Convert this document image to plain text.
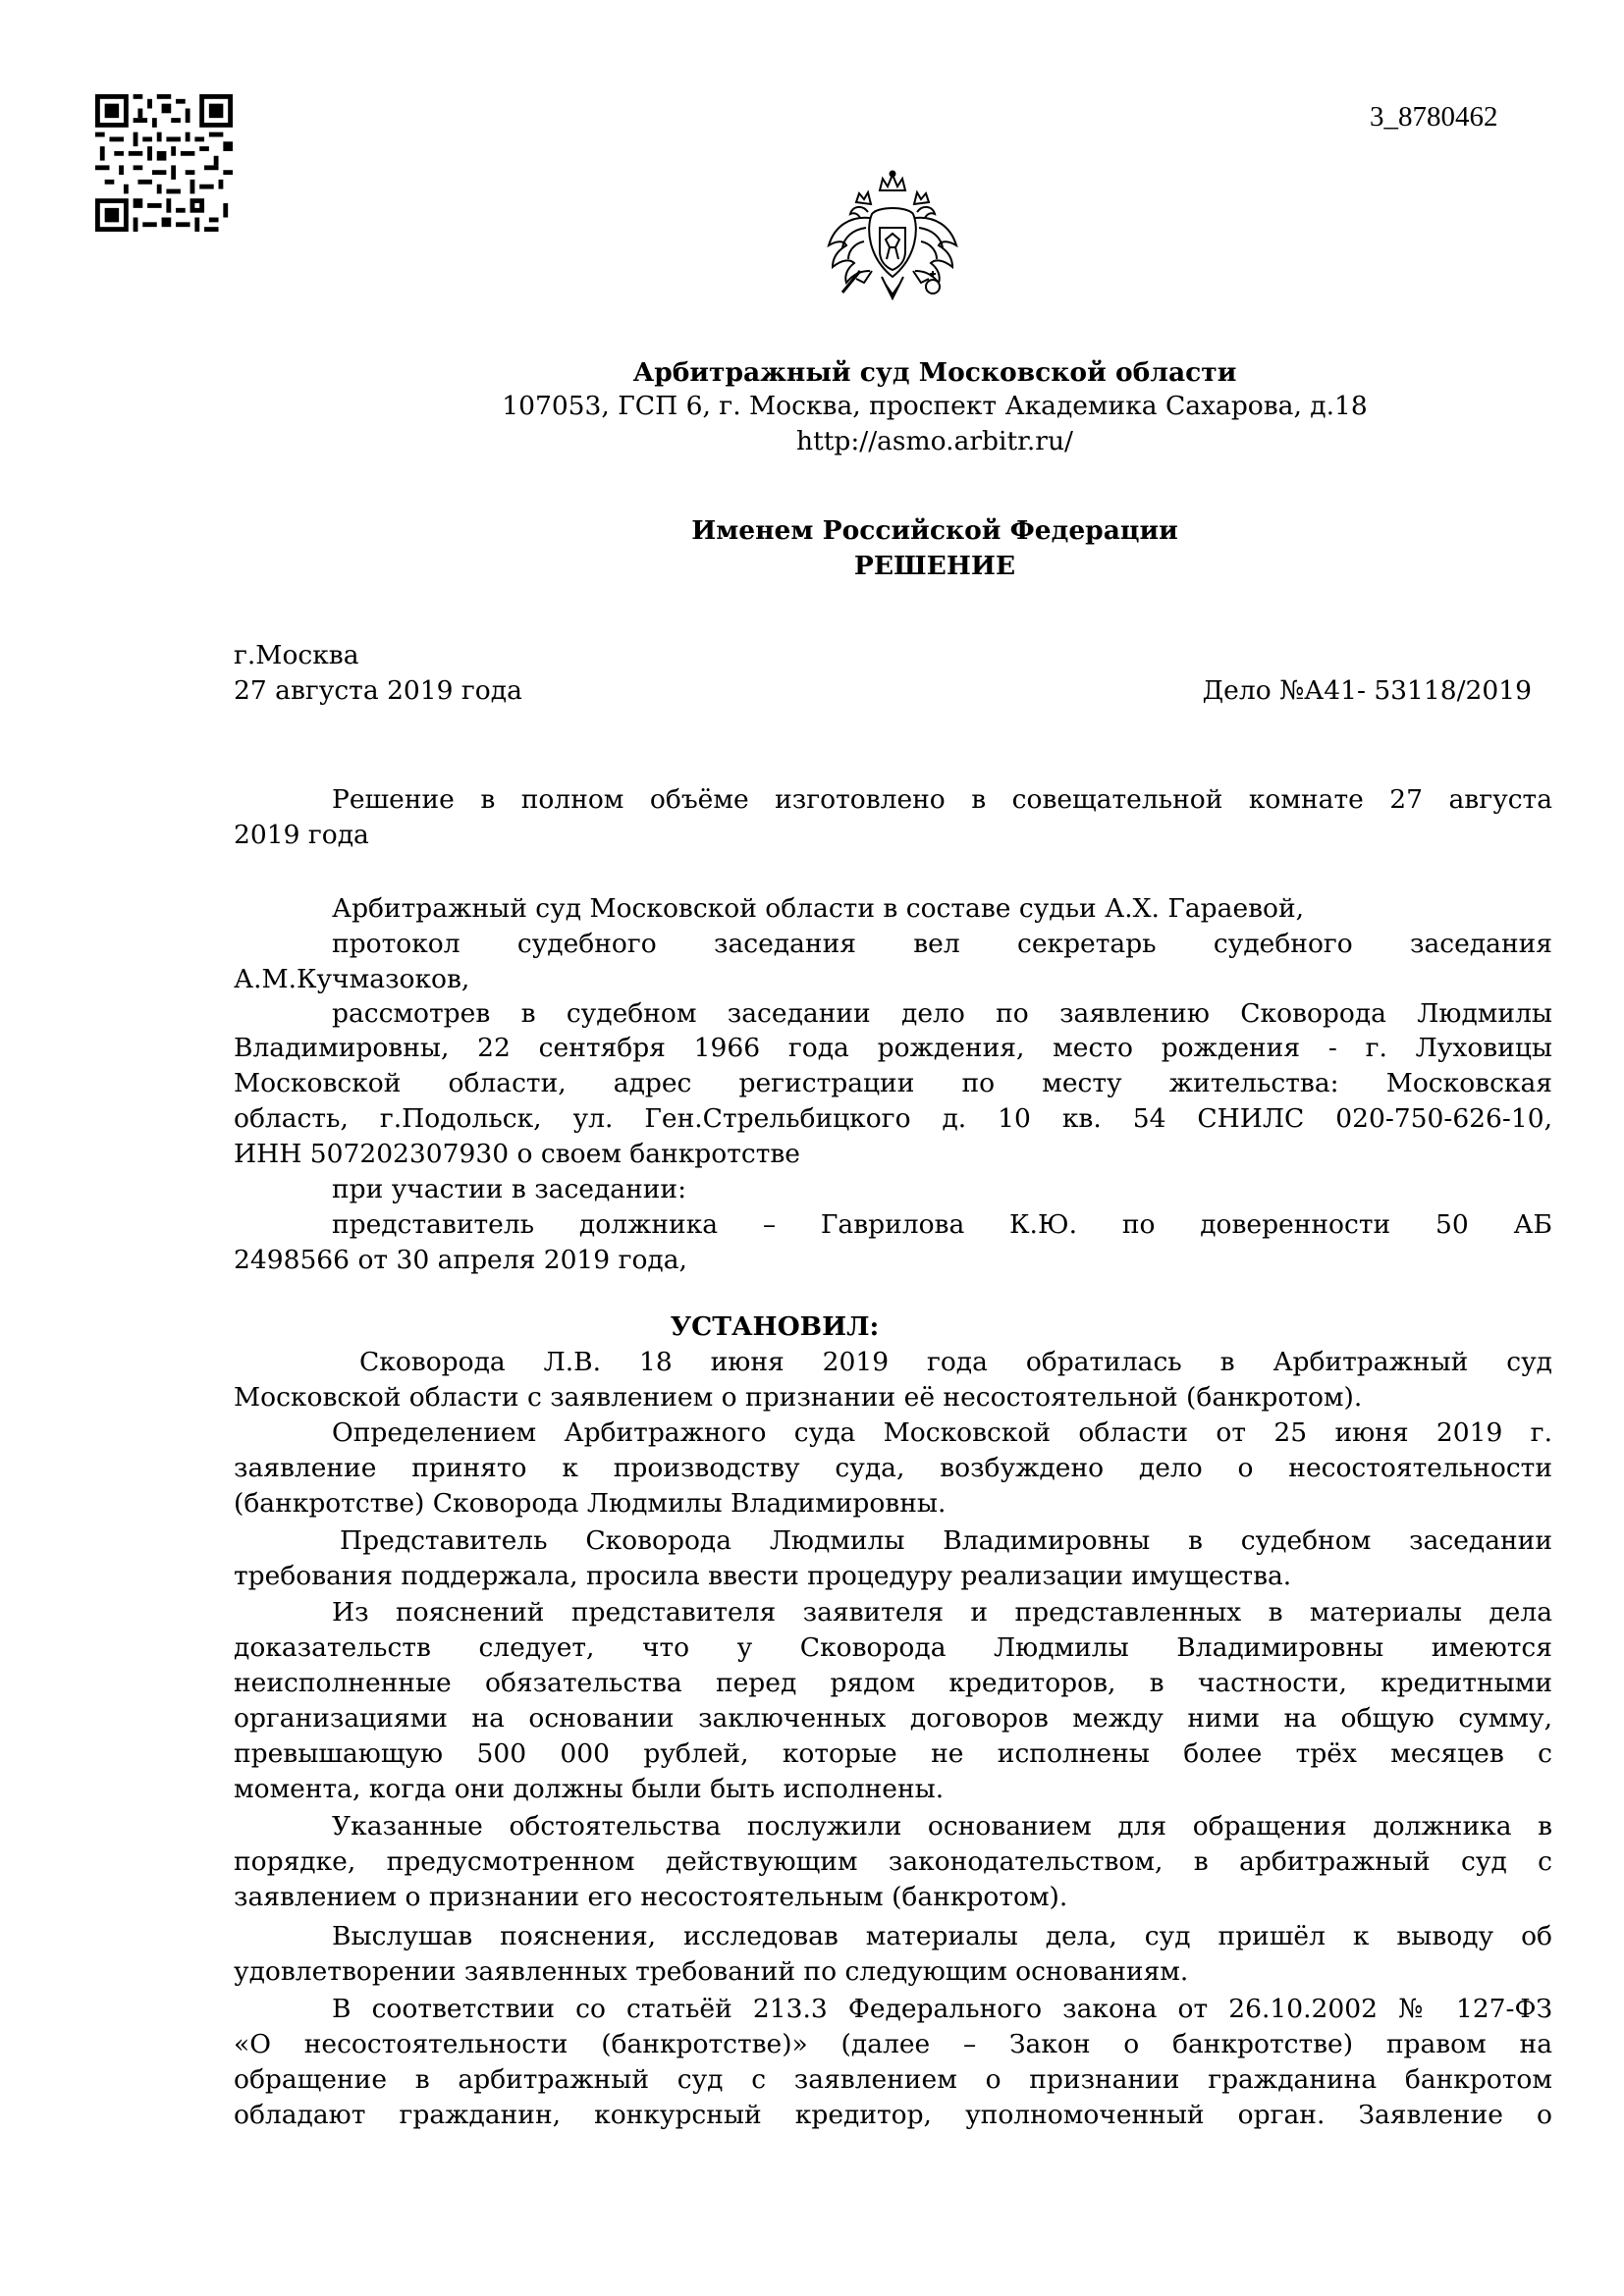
3_8780462
Арбитражный суд Московской области
107053, ГСП 6, г. Москва, проспект Академика Сахарова, д.18
http://asmo.arbitr.ru/
Именем Российской Федерации
РЕШЕНИЕ
г.Москва
27 августа 2019 года	Дело №А41- 53118/2019
Решение в полном объёме изготовлено в совещательной комнате 27 августа
2019 года
Арбитражный суд Московской области в составе судьи А.Х. Гараевой,
протокол судебного заседания вел секретарь судебного заседания
А.М.Кучмазоков,
рассмотрев в судебном заседании дело по заявлению Сковорода Людмилы
Владимировны, 22 сентября 1966 года рождения, место рождения - г. Луховицы
Московской области, адрес регистрации по месту жительства: Московская
область, г.Подольск, ул. Ген.Стрельбицкого д. 10 кв. 54 СНИЛС 020-750-626-10,
ИНН 507202307930 о своем банкротстве
при участии в заседании:
представитель должника – Гаврилова К.Ю. по доверенности 50 АБ
2498566 от 30 апреля 2019 года,
УСТАНОВИЛ:
Сковорода Л.В. 18 июня 2019 года обратилась в Арбитражный суд
Московской области с заявлением о признании её несостоятельной (банкротом).
Определением Арбитражного суда Московской области от 25 июня 2019 г.
заявление принято к производству суда, возбуждено дело о несостоятельности
(банкротстве) Сковорода Людмилы Владимировны.
Представитель Сковорода Людмилы Владимировны в судебном заседании
требования поддержала, просила ввести процедуру реализации имущества.
Из пояснений представителя заявителя и представленных в материалы дела
доказательств следует, что у Сковорода Людмилы Владимировны имеются
неисполненные обязательства перед рядом кредиторов, в частности, кредитными
организациями на основании заключенных договоров между ними на общую сумму,
превышающую 500 000 рублей, которые не исполнены более трёх месяцев с
момента, когда они должны были быть исполнены.
Указанные обстоятельства послужили основанием для обращения должника в
порядке, предусмотренном действующим законодательством, в арбитражный суд с
заявлением о признании его несостоятельным (банкротом).
Выслушав пояснения, исследовав материалы дела, суд пришёл к выводу об
удовлетворении заявленных требований по следующим основаниям.
В соответствии со статьёй 213.3 Федерального закона от 26.10.2002 № 127-ФЗ
«О несостоятельности (банкротстве)» (далее – Закон о банкротстве) правом на
обращение в арбитражный суд с заявлением о признании гражданина банкротом
обладают гражданин, конкурсный кредитор, уполномоченный орган. Заявление о
